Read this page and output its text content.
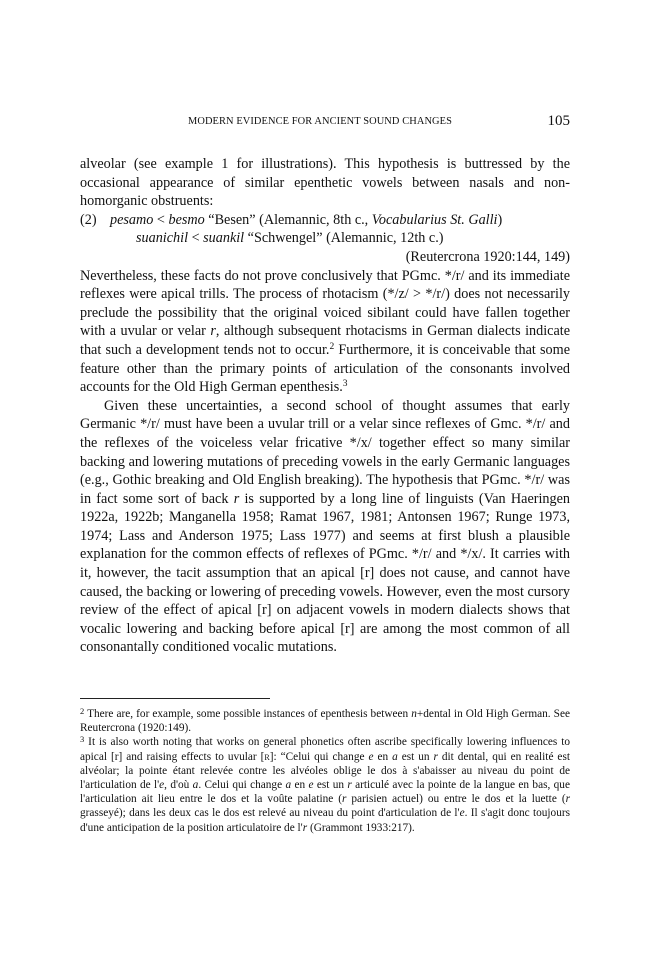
MODERN EVIDENCE FOR ANCIENT SOUND CHANGES	105

alveolar (see example 1 for illustrations). This hypothesis is buttressed by the occasional appearance of similar epenthetic vowels between nasals and non-homorganic obstruents:

(2) pesamo < besmo “Besen” (Alemannic, 8th c., Vocabularius St. Galli)

suanichil < suankil “Schwengel” (Alemannic, 12th c.)

(Reutercrona 1920:144, 149)

Nevertheless, these facts do not prove conclusively that PGmc. */r/ and its immediate reflexes were apical trills. The process of rhotacism (*/z/ > */r/) does not necessarily preclude the possibility that the original voiced sibilant could have fallen together with a uvular or velar r, although subsequent rhotacisms in German dialects indicate that such a development tends not to occur.$^2$ Furthermore, it is conceivable that some feature other than the primary points of articulation of the consonants involved accounts for the Old High German epenthesis.$^3$

Given these uncertainties, a second school of thought assumes that early Germanic */r/ must have been a uvular trill or a velar since reflexes of Gmc. */r/ and the reflexes of the voiceless velar fricative */x/ together effect so many similar backing and lowering mutations of preceding vowels in the early Germanic languages (e.g., Gothic breaking and Old English breaking). The hypothesis that PGmc. */r/ was in fact some sort of back r is supported by a long line of linguists (Van Haeringen 1922a, 1922b; Manganella 1958; Ramat 1967, 1981; Antonsen 1967; Runge 1973, 1974; Lass and Anderson 1975; Lass 1977) and seems at first blush a plausible explanation for the common effects of reflexes of PGmc. */r/ and */x/. It carries with it, however, the tacit assumption that an apical [r] does not cause, and cannot have caused, the backing or lowering of preceding vowels. However, even the most cursory review of the effect of apical [r] on adjacent vowels in modern dialects shows that vocalic lowering and backing before apical [r] are among the most common of all consonantally conditioned vocalic mutations.

$^2$ There are, for example, some possible instances of epenthesis between n+dental in Old High German. See Reutercrona (1920:149).

$^3$ It is also worth noting that works on general phonetics often ascribe specifically lowering influences to apical [r] and raising effects to uvular [r]: “Celui qui change e en a est un r dit dental, qui en realité est alvéolar; la pointe étant relevée contre les alvéoles oblige le dos à s'abaisser au niveau du point de l'articulation de l'e, d'où a. Celui qui change a en e est un r articulé avec la pointe de la langue en bas, que l'articulation ait lieu entre le dos et la voûte palatine (r parisien actuel) ou entre le dos et la luette (r grasseyé); dans les deux cas le dos est relevé au niveau du point d'articulation de l'e. Il s'agit donc toujours d'une anticipation de la position articulatoire de l'r (Grammont 1933:217).
